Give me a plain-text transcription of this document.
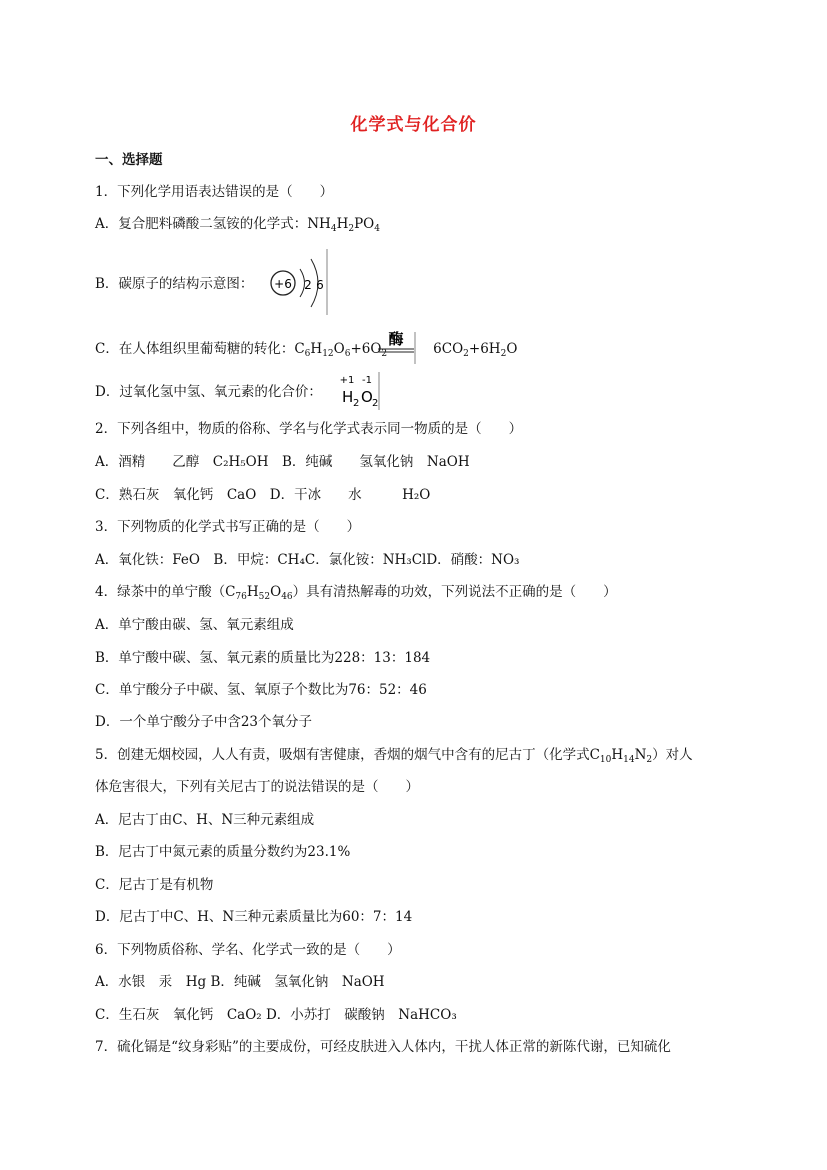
化学式与化合价
一、选择题
1．下列化学用语表达错误的是（　　）
A．复合肥料磷酸二氢铵的化学式：$NH_4H_2PO_4$
B．碳原子的结构示意图： +6 2 6
C．在人体组织里葡萄糖的转化：$C_6H_{12}O_6+6O_2$	$6CO_2+6H_2O$
酶
D．过氧化氢中氢、氧元素的化合价：
+1 -1
H 2 O 2
2．下列各组中，物质的俗称、学名与化学式表示同一物质的是（　　）
A．酒精　　乙醇　C₂H₅OH　B．纯碱　　氢氧化钠　NaOH
C．熟石灰　氧化钙　CaO　D．干冰　　水　　　H₂O
3．下列物质的化学式书写正确的是（　　）
A．氧化铁：FeO　B．甲烷：CH₄C．氯化铵：NH₃ClD．硝酸：NO₃
4．绿茶中的单宁酸$(C_{76}H_{52}O_{46})$具有清热解毒的功效，下列说法不正确的是（　　）
A．单宁酸由碳、氢、氧元素组成
B．单宁酸中碳、氢、氧元素的质量比为228：13：184
C．单宁酸分子中碳、氢、氧原子个数比为76：52：46
D．一个单宁酸分子中含23个氧分子
5．创建无烟校园，人人有责，吸烟有害健康，香烟的烟气中含有的尼古丁（化学式$C_{10}H_{14}N_2$）对人
体危害很大，下列有关尼古丁的说法错误的是（　　）
A．尼古丁由C、H、N三种元素组成
B．尼古丁中氮元素的质量分数约为23.1%
C．尼古丁是有机物
D．尼古丁中C、H、N三种元素质量比为60：7：14
6．下列物质俗称、学名、化学式一致的是（　　）
A．水银　汞　Hg B．纯碱　氢氧化钠　NaOH
C．生石灰　氧化钙　CaO₂ D．小苏打　碳酸钠　NaHCO₃
7．硫化镉是“纹身彩贴”的主要成份，可经皮肤进入人体内，干扰人体正常的新陈代谢，已知硫化
